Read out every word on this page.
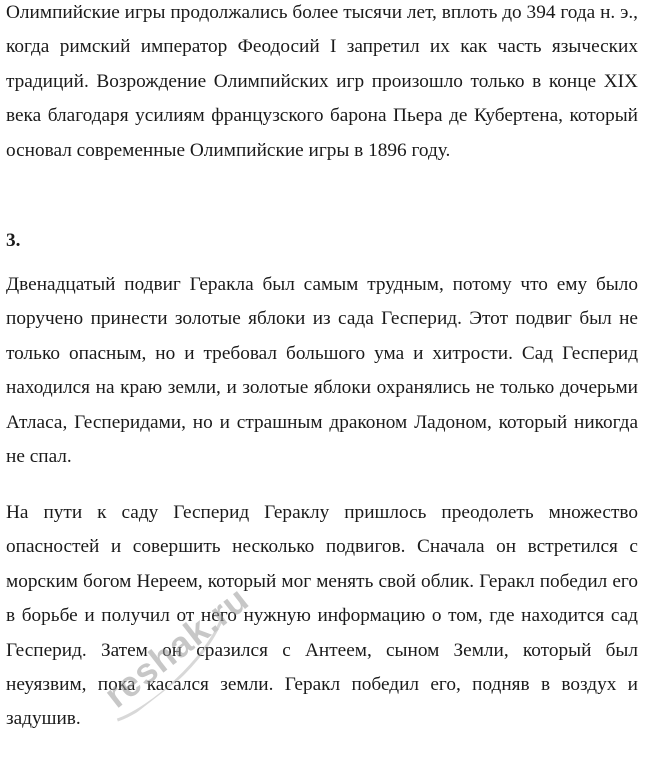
Олимпийские игры продолжались более тысячи лет, вплоть до 394 года н. э., когда римский император Феодосий I запретил их как часть языческих традиций. Возрождение Олимпийских игр произошло только в конце XIX века благодаря усилиям французского барона Пьера де Кубертена, который основал современные Олимпийские игры в 1896 году.

3.

Двенадцатый подвиг Геракла был самым трудным, потому что ему было поручено принести золотые яблоки из сада Гесперид. Этот подвиг был не только опасным, но и требовал большого ума и хитрости. Сад Гесперид находился на краю земли, и золотые яблоки охранялись не только дочерьми Атласа, Гесперидами, но и страшным драконом Ладоном, который никогда не спал.

На пути к саду Гесперид Гераклу пришлось преодолеть множество опасностей и совершить несколько подвигов. Сначала он встретился с морским богом Нереем, который мог менять свой облик. Геракл победил его в борьбе и получил от него нужную информацию о том, где находится сад Гесперид. Затем он сразился с Антеем, сыном Земли, который был неуязвим, пока касался земли. Геракл победил его, подняв в воздух и задушив.

reshak.ru
